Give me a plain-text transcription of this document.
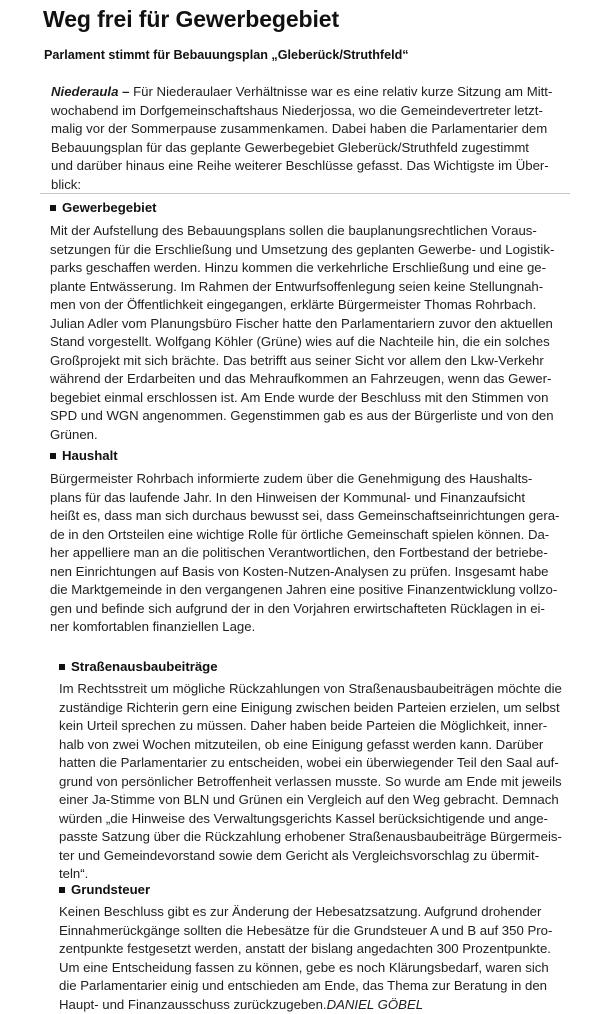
Weg frei für Gewerbegebiet
Parlament stimmt für Bebauungsplan „Gleberück/Struthfeld“
Niederaula – Für Niederaulaer Verhältnisse war es eine relativ kurze Sitzung am Mitt-
wochabend im Dorfgemeinschaftshaus Niederjossa, wo die Gemeindevertreter letzt-
malig vor der Sommerpause zusammenkamen. Dabei haben die Parlamentarier dem
Bebauungsplan für das geplante Gewerbegebiet Gleberück/Struthfeld zugestimmt
und darüber hinaus eine Reihe weiterer Beschlüsse gefasst. Das Wichtigste im Über-
blick:
Gewerbegebiet
Mit der Aufstellung des Bebauungsplans sollen die bauplanungsrechtlichen Voraus-
setzungen für die Erschließung und Umsetzung des geplanten Gewerbe- und Logistik-
parks geschaffen werden. Hinzu kommen die verkehrliche Erschließung und eine ge-
plante Entwässerung. Im Rahmen der Entwurfsoffenlegung seien keine Stellungnah-
men von der Öffentlichkeit eingegangen, erklärte Bürgermeister Thomas Rohrbach.
Julian Adler vom Planungsbüro Fischer hatte den Parlamentariern zuvor den aktuellen
Stand vorgestellt. Wolfgang Köhler (Grüne) wies auf die Nachteile hin, die ein solches
Großprojekt mit sich brächte. Das betrifft aus seiner Sicht vor allem den Lkw-Verkehr
während der Erdarbeiten und das Mehraufkommen an Fahrzeugen, wenn das Gewer-
begebiet einmal erschlossen ist. Am Ende wurde der Beschluss mit den Stimmen von
SPD und WGN angenommen. Gegenstimmen gab es aus der Bürgerliste und von den
Grünen.
Haushalt
Bürgermeister Rohrbach informierte zudem über die Genehmigung des Haushalts-
plans für das laufende Jahr. In den Hinweisen der Kommunal- und Finanzaufsicht
heißt es, dass man sich durchaus bewusst sei, dass Gemeinschaftseinrichtungen gera-
de in den Ortsteilen eine wichtige Rolle für örtliche Gemeinschaft spielen können. Da-
her appelliere man an die politischen Verantwortlichen, den Fortbestand der betriebe-
nen Einrichtungen auf Basis von Kosten-Nutzen-Analysen zu prüfen. Insgesamt habe
die Marktgemeinde in den vergangenen Jahren eine positive Finanzentwicklung vollzo-
gen und befinde sich aufgrund der in den Vorjahren erwirtschafteten Rücklagen in ei-
ner komfortablen finanziellen Lage.
Straßenausbaubeiträge
Im Rechtsstreit um mögliche Rückzahlungen von Straßenausbaubeiträgen möchte die
zuständige Richterin gern eine Einigung zwischen beiden Parteien erzielen, um selbst
kein Urteil sprechen zu müssen. Daher haben beide Parteien die Möglichkeit, inner-
halb von zwei Wochen mitzuteilen, ob eine Einigung gefasst werden kann. Darüber
hatten die Parlamentarier zu entscheiden, wobei ein überwiegender Teil den Saal auf-
grund von persönlicher Betroffenheit verlassen musste. So wurde am Ende mit jeweils
einer Ja-Stimme von BLN und Grünen ein Vergleich auf den Weg gebracht. Demnach
würden „die Hinweise des Verwaltungsgerichts Kassel berücksichtigende und ange-
passte Satzung über die Rückzahlung erhobener Straßenausbaubeiträge Bürgermeis-
ter und Gemeindevorstand sowie dem Gericht als Vergleichsvorschlag zu übermit-
teln“.
Grundsteuer
Keinen Beschluss gibt es zur Änderung der Hebesatzsatzung. Aufgrund drohender
Einnahmerückgänge sollten die Hebesätze für die Grundsteuer A und B auf 350 Pro-
zentpunkte festgesetzt werden, anstatt der bislang angedachten 300 Prozentpunkte.
Um eine Entscheidung fassen zu können, gebe es noch Klärungsbedarf, waren sich
die Parlamentarier einig und entschieden am Ende, das Thema zur Beratung in den
Haupt- und Finanzausschuss zurückzugeben.DANIEL GÖBEL
